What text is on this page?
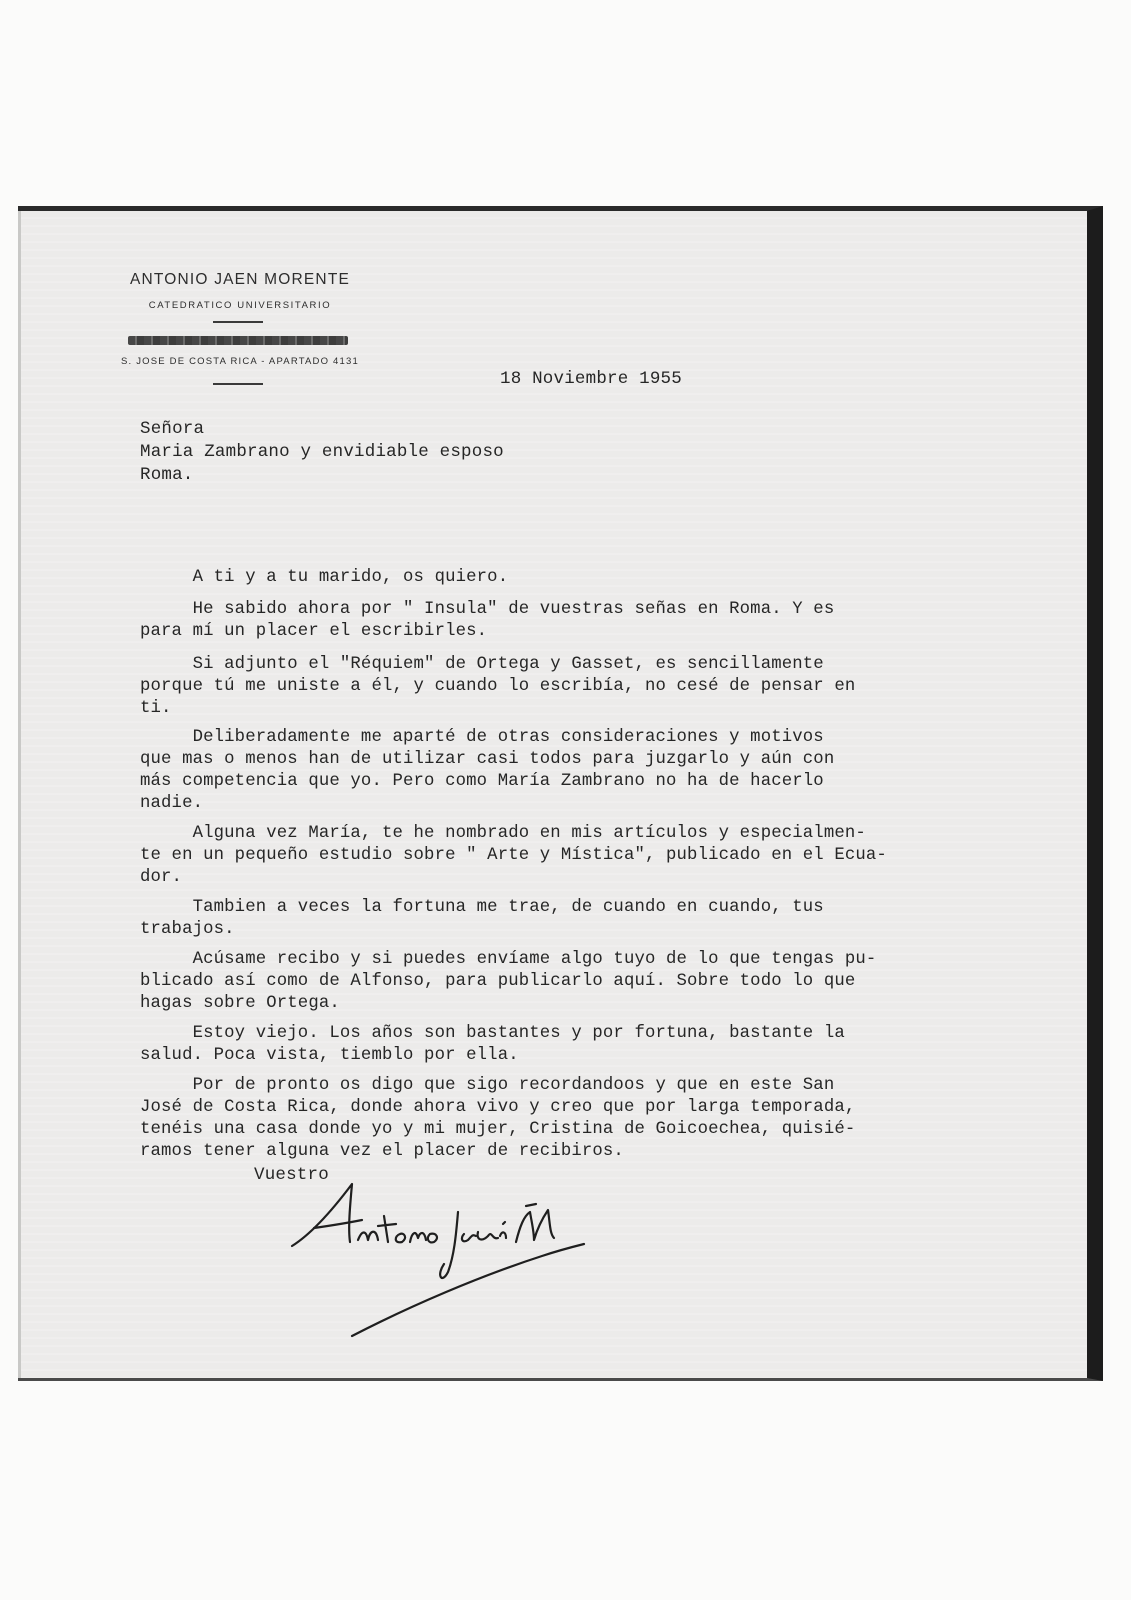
ANTONIO JAEN MORENTE
CATEDRATICO UNIVERSITARIO
S. JOSE DE COSTA RICA - APARTADO 4131
18 Noviembre 1955
Señora
Maria Zambrano y envidiable esposo
Roma.
A ti y a tu marido, os quiero.
He sabido ahora por " Insula" de vuestras señas en Roma. Y es
para mí un placer el escribirles.
Si adjunto el "Réquiem" de Ortega y Gasset, es sencillamente
porque tú me uniste a él, y cuando lo escribía, no cesé de pensar en
ti.
Deliberadamente me aparté de otras consideraciones y motivos
que mas o menos han de utilizar casi todos para juzgarlo y aún con
más competencia que yo. Pero como María Zambrano no ha de hacerlo
nadie.
Alguna vez María, te he nombrado en mis artículos y especialmen-
te en un pequeño estudio sobre " Arte y Mística", publicado en el Ecua-
dor.
Tambien a veces la fortuna me trae, de cuando en cuando, tus
trabajos.
Acúsame recibo y si puedes envíame algo tuyo de lo que tengas pu-
blicado así como de Alfonso, para publicarlo aquí. Sobre todo lo que
hagas sobre Ortega.
Estoy viejo. Los años son bastantes y por fortuna, bastante la
salud. Poca vista, tiemblo por ella.
Por de pronto os digo que sigo recordandoos y que en este San
José de Costa Rica, donde ahora vivo y creo que por larga temporada,
tenéis una casa donde yo y mi mujer, Cristina de Goicoechea, quisié-
ramos tener alguna vez el placer de recibiros.
Vuestro
